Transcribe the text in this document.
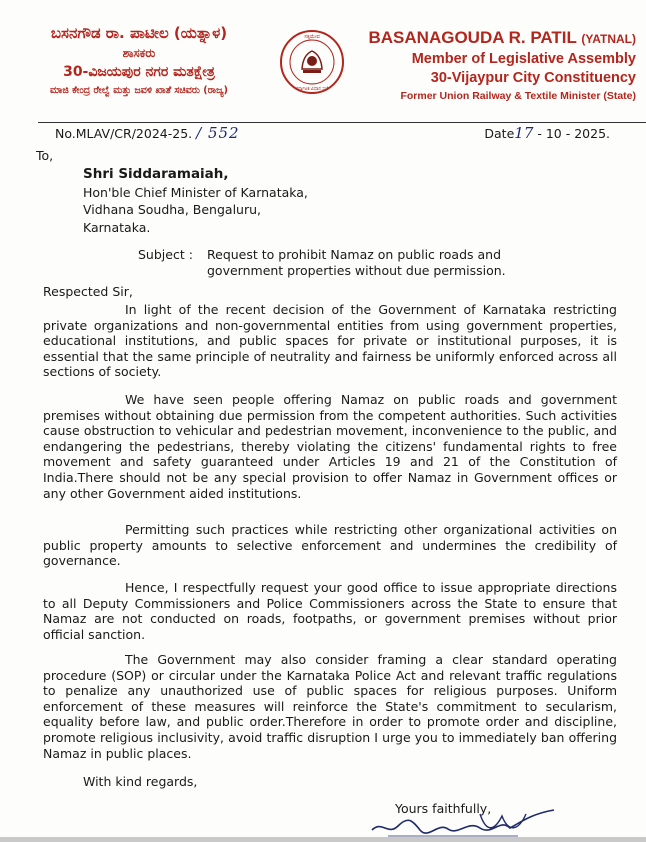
ಬಸನಗೌಡ ರಾ. ಪಾಟೀಲ (ಯತ್ನಾಳ)
ಶಾಸಕರು
30-ವಿಜಯಪುರ ನಗರ ಮತಕ್ಷೇತ್ರ
ಮಾಜಿ ಕೇಂದ್ರ ರೇಲ್ವೆ ಮತ್ತು ಜವಳಿ ಖಾತೆ ಸಚಿವರು (ರಾಜ್ಯ)
ಸತ್ಯಮೇವ
ಕರ್ನಾಟಕ ವಿಧಾನ ಸಭೆ
BASANAGOUDA R. PATIL (YATNAL)
Member of Legislative Assembly
30-Vijaypur City Constituency
Former Union Railway & Textile Minister (State)
No.MLAV/CR/2024-25. / 552	Date17 - 10 - 2025.
To,
Shri Siddaramaiah,
Hon'ble Chief Minister of Karnataka,
Vidhana Soudha, Bengaluru,
Karnataka.
Subject : Request to prohibit Namaz on public roads and government properties without due permission.
Respected Sir,
In light of the recent decision of the Government of Karnataka restricting private organizations and non-governmental entities from using government properties, educational institutions, and public spaces for private or institutional purposes, it is essential that the same principle of neutrality and fairness be uniformly enforced across all sections of society.
We have seen people offering Namaz on public roads and government premises without obtaining due permission from the competent authorities. Such activities cause obstruction to vehicular and pedestrian movement, inconvenience to the public, and endangering the pedestrians, thereby violating the citizens' fundamental rights to free movement and safety guaranteed under Articles 19 and 21 of the Constitution of India.There should not be any special provision to offer Namaz in Government offices or any other Government aided institutions.
Permitting such practices while restricting other organizational activities on public property amounts to selective enforcement and undermines the credibility of governance.
Hence, I respectfully request your good office to issue appropriate directions to all Deputy Commissioners and Police Commissioners across the State to ensure that Namaz are not conducted on roads, footpaths, or government premises without prior official sanction.
The Government may also consider framing a clear standard operating procedure (SOP) or circular under the Karnataka Police Act and relevant traffic regulations to penalize any unauthorized use of public spaces for religious purposes. Uniform enforcement of these measures will reinforce the State's commitment to secularism, equality before law, and public order.Therefore in order to promote order and discipline, promote religious inclusivity, avoid traffic disruption I urge you to immediately ban offering Namaz in public places.
With kind regards,
Yours faithfully,
